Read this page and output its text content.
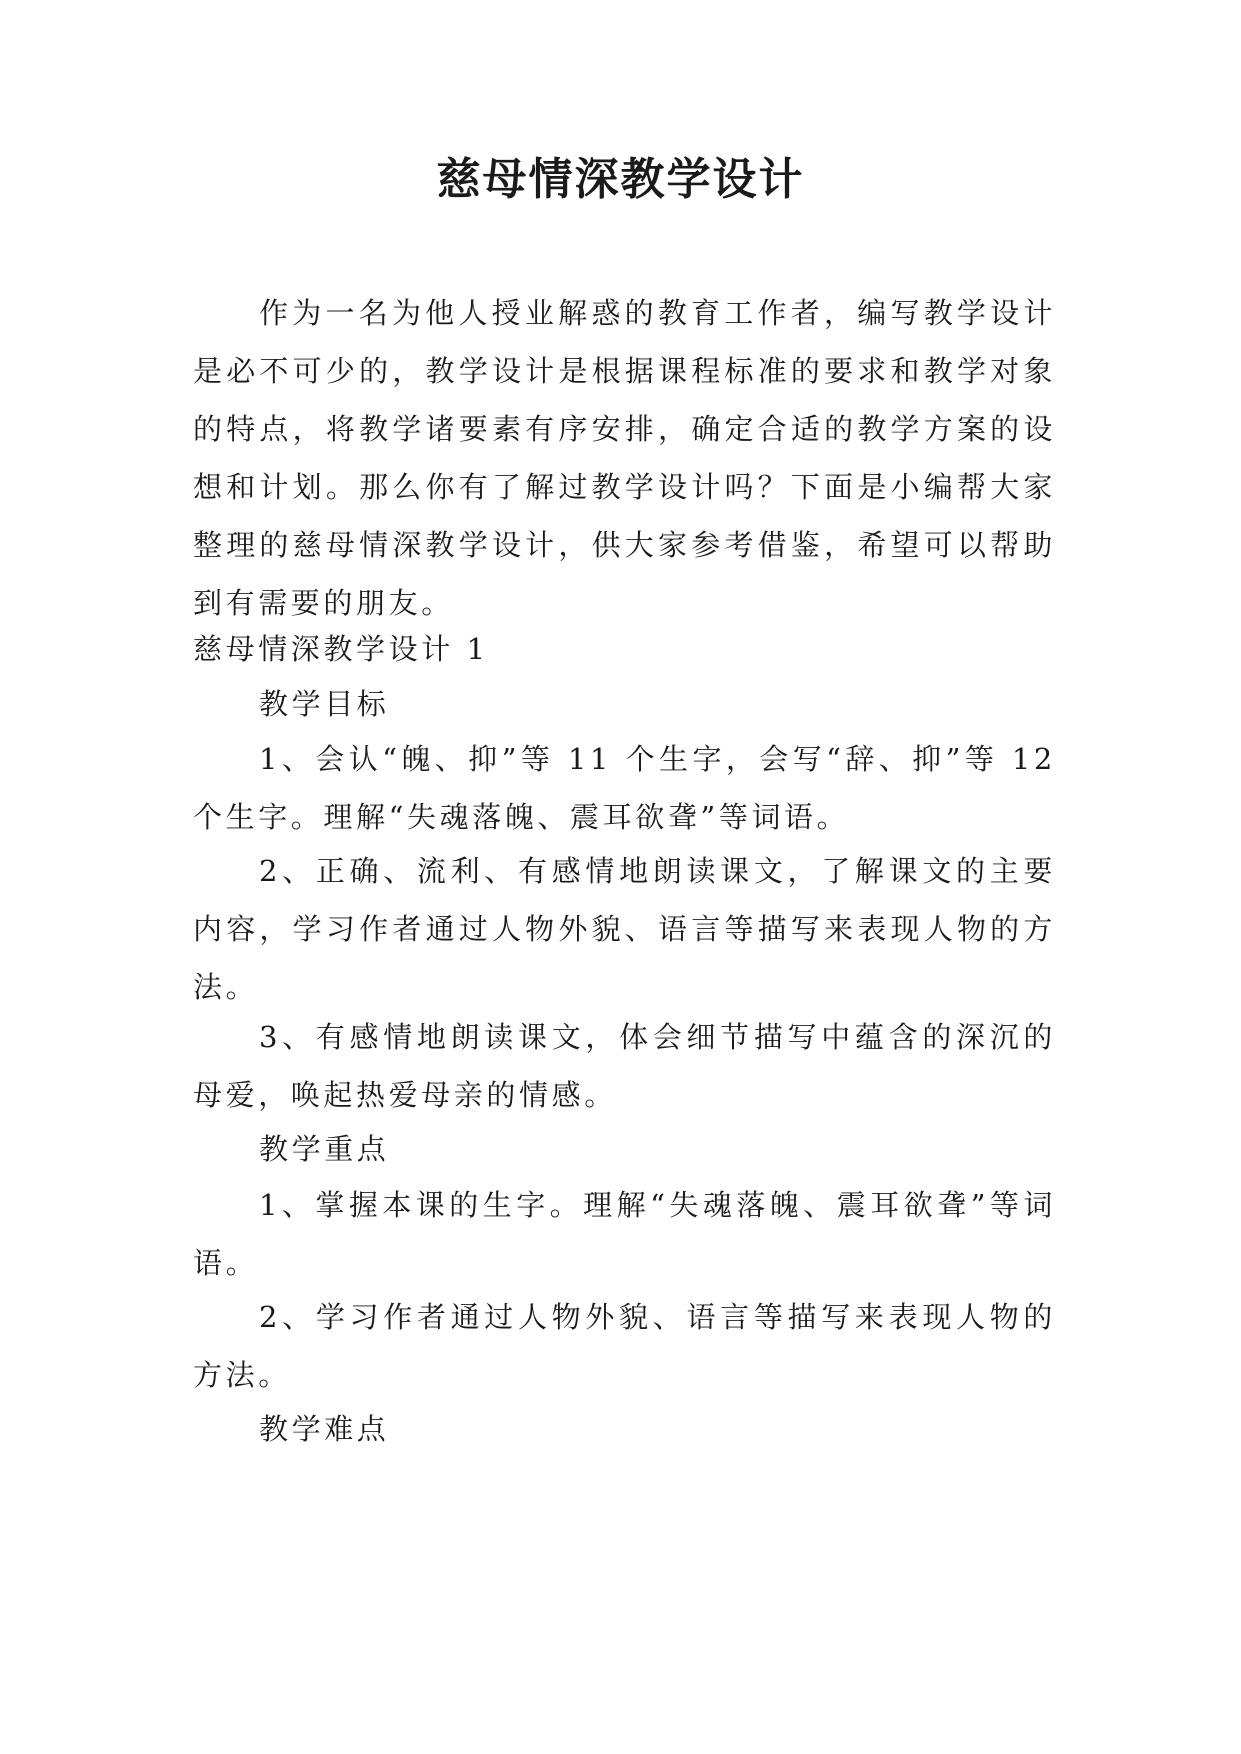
慈母情深教学设计

作为一名为他人授业解惑的教育工作者，编写教学设计是必不可少的，教学设计是根据课程标准的要求和教学对象的特点，将教学诸要素有序安排，确定合适的教学方案的设想和计划。那么你有了解过教学设计吗？下面是小编帮大家整理的慈母情深教学设计，供大家参考借鉴，希望可以帮助到有需要的朋友。

慈母情深教学设计 1

教学目标

1、会认“魄、抑”等 11 个生字，会写“辞、抑”等 12 个生字。理解“失魂落魄、震耳欲聋”等词语。

2、正确、流利、有感情地朗读课文，了解课文的主要内容，学习作者通过人物外貌、语言等描写来表现人物的方法。

3、有感情地朗读课文，体会细节描写中蕴含的深沉的母爱，唤起热爱母亲的情感。

教学重点

1、掌握本课的生字。理解“失魂落魄、震耳欲聋”等词语。

2、学习作者通过人物外貌、语言等描写来表现人物的方法。

教学难点
